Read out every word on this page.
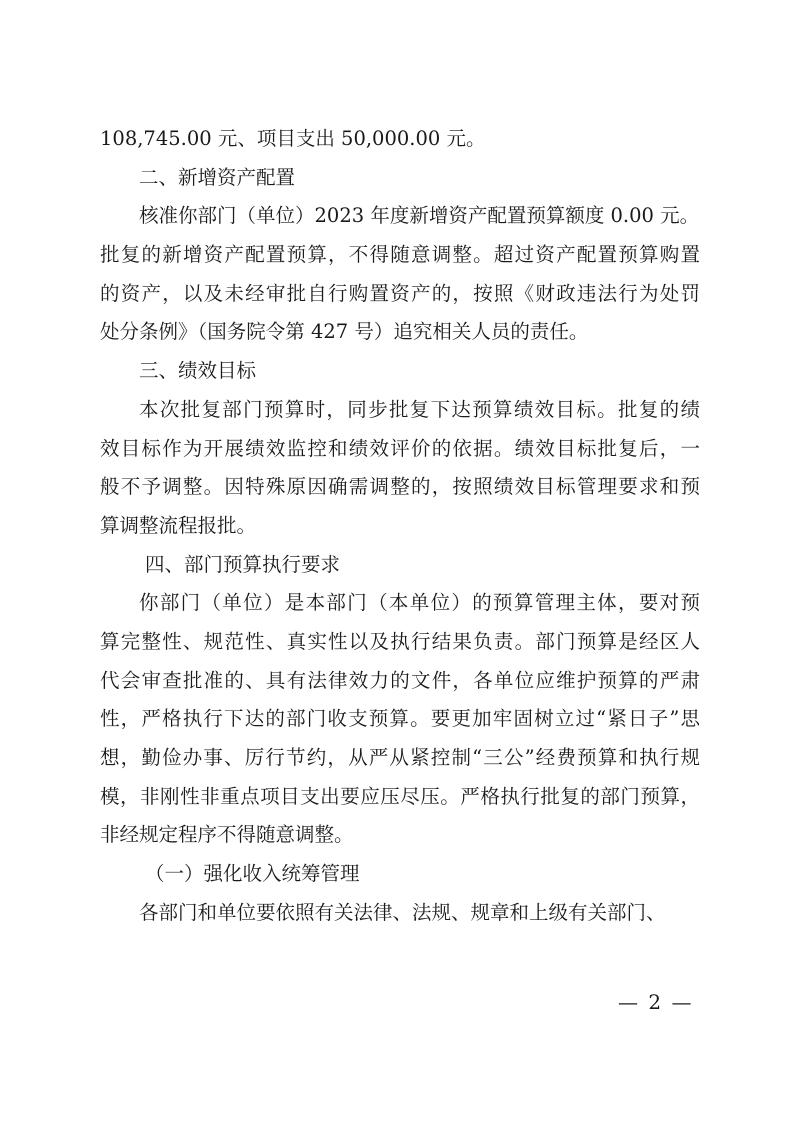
108,745.00 元、项目支出 50,000.00 元。

二、新增资产配置

核准你部门（单位）2023 年度新增资产配置预算额度 0.00 元。

批复的新增资产配置预算，不得随意调整。超过资产配置预算购置

的资产，以及未经审批自行购置资产的，按照《财政违法行为处罚

处分条例》（国务院令第 427 号）追究相关人员的责任。

三、绩效目标

本次批复部门预算时，同步批复下达预算绩效目标。批复的绩

效目标作为开展绩效监控和绩效评价的依据。绩效目标批复后，一

般不予调整。因特殊原因确需调整的，按照绩效目标管理要求和预

算调整流程报批。

四、部门预算执行要求

你部门（单位）是本部门（本单位）的预算管理主体，要对预

算完整性、规范性、真实性以及执行结果负责。部门预算是经区人

代会审查批准的、具有法律效力的文件，各单位应维护预算的严肃

性，严格执行下达的部门收支预算。要更加牢固树立过“紧日子”思

想，勤俭办事、厉行节约，从严从紧控制“三公”经费预算和执行规

模，非刚性非重点项目支出要应压尽压。严格执行批复的部门预算，

非经规定程序不得随意调整。

（一）强化收入统筹管理

各部门和单位要依照有关法律、法规、规章和上级有关部门、

— 2 —
